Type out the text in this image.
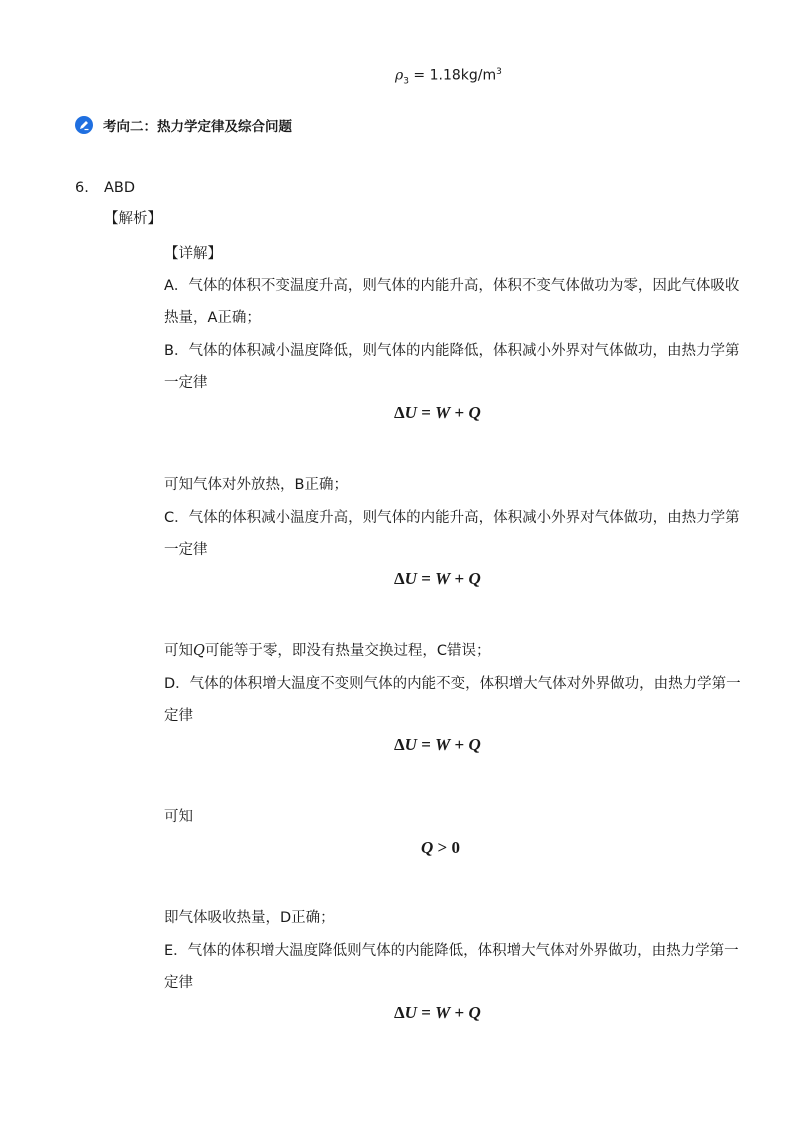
$\rho_3 = 1.18kg/m^3$
考向二：热力学定律及综合问题
6. ABD
【解析】
【详解】
A．气体的体积不变温度升高，则气体的内能升高，体积不变气体做功为零，因此气体吸收
热量，A正确；
B．气体的体积减小温度降低，则气体的内能降低，体积减小外界对气体做功，由热力学第
一定律
ΔU = W + Q
可知气体对外放热，B正确；
C．气体的体积减小温度升高，则气体的内能升高，体积减小外界对气体做功，由热力学第
一定律
ΔU = W + Q
可知Q可能等于零，即没有热量交换过程，C错误；
D．气体的体积增大温度不变则气体的内能不变，体积增大气体对外界做功，由热力学第一
定律
ΔU = W + Q
可知
Q > 0
即气体吸收热量，D正确；
E．气体的体积增大温度降低则气体的内能降低，体积增大气体对外界做功，由热力学第一
定律
ΔU = W + Q
